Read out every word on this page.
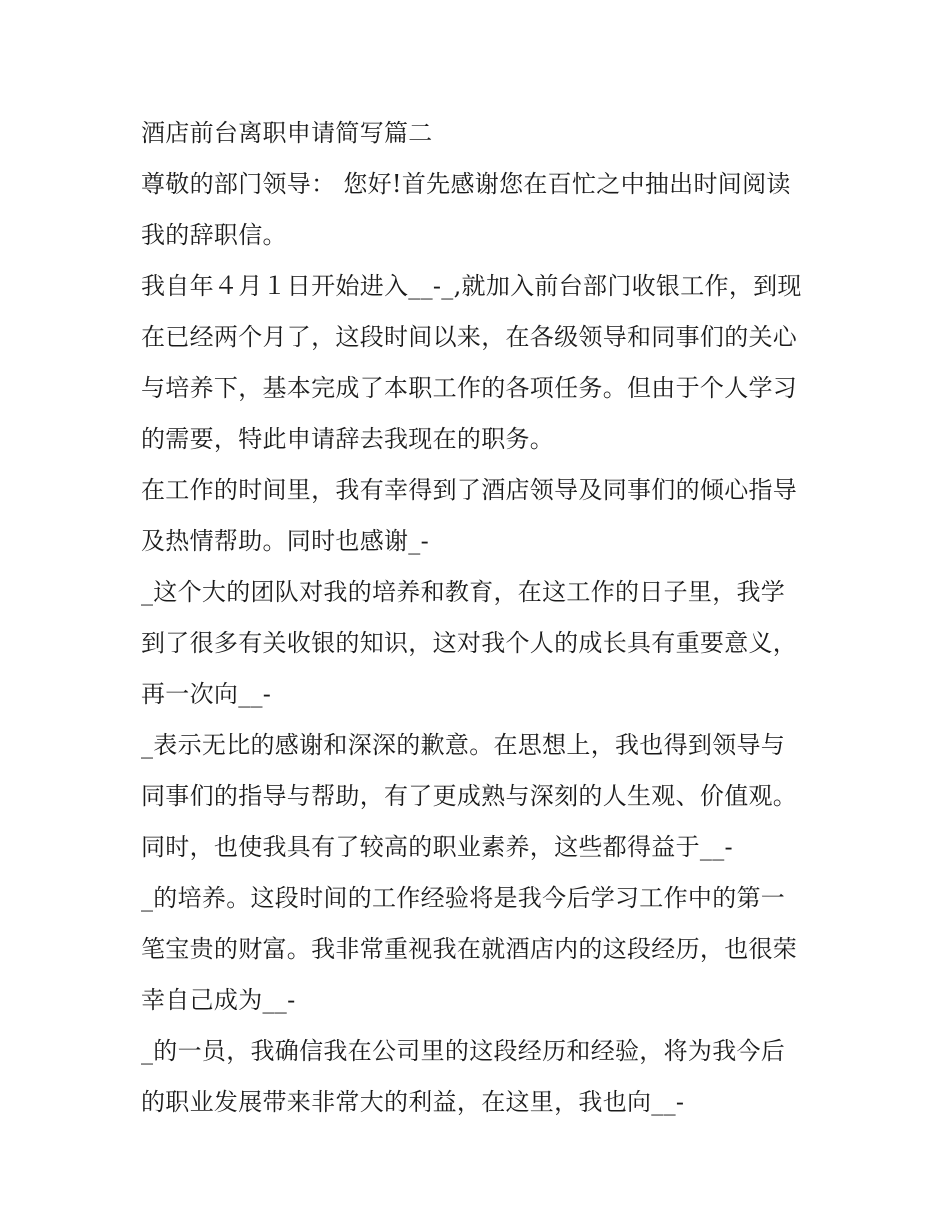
酒店前台离职申请简写篇二
尊敬的部门领导： 您好!首先感谢您在百忙之中抽出时间阅读
我的辞职信。
我自年４月１日开始进入__-_,就加入前台部门收银工作，到现
在已经两个月了，这段时间以来，在各级领导和同事们的关心
与培养下，基本完成了本职工作的各项任务。但由于个人学习
的需要，特此申请辞去我现在的职务。
在工作的时间里，我有幸得到了酒店领导及同事们的倾心指导
及热情帮助。同时也感谢_-
_这个大的团队对我的培养和教育，在这工作的日子里，我学
到了很多有关收银的知识，这对我个人的成长具有重要意义，
再一次向__-
_表示无比的感谢和深深的歉意。在思想上，我也得到领导与
同事们的指导与帮助，有了更成熟与深刻的人生观、价值观。
同时，也使我具有了较高的职业素养，这些都得益于__-
_的培养。这段时间的工作经验将是我今后学习工作中的第一
笔宝贵的财富。我非常重视我在就酒店内的这段经历，也很荣
幸自己成为__-
_的一员，我确信我在公司里的这段经历和经验，将为我今后
的职业发展带来非常大的利益，在这里，我也向__-
